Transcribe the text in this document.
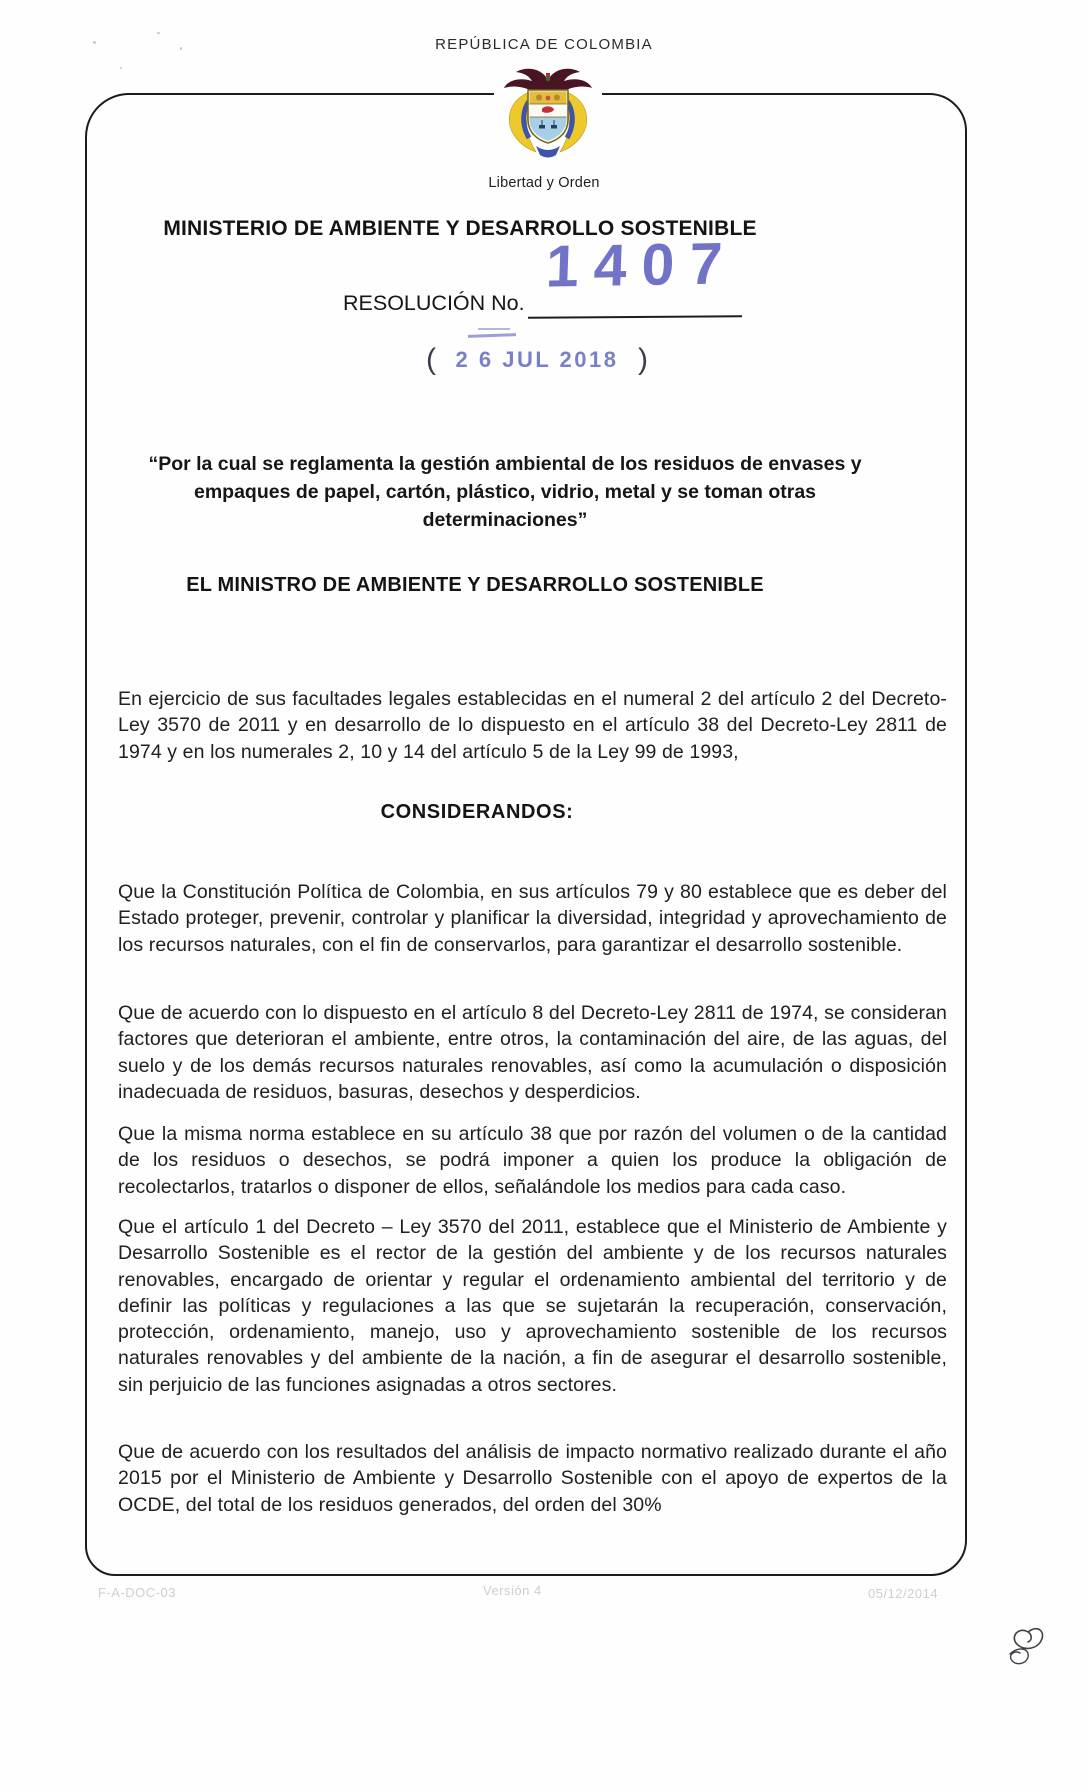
REPÚBLICA DE COLOMBIA
Libertad y Orden
MINISTERIO DE AMBIENTE Y DESARROLLO SOSTENIBLE
RESOLUCIÓN No.
1407
( 2 6 JUL 2018 )
“Por la cual se reglamenta la gestión ambiental de los residuos de envases y empaques de papel, cartón, plástico, vidrio, metal y se toman otras determinaciones”
EL MINISTRO DE AMBIENTE Y DESARROLLO SOSTENIBLE

En ejercicio de sus facultades legales establecidas en el numeral 2 del artículo 2 del Decreto-Ley 3570 de 2011 y en desarrollo de lo dispuesto en el artículo 38 del Decreto-Ley 2811 de 1974 y en los numerales 2, 10 y 14 del artículo 5 de la Ley 99 de 1993,

CONSIDERANDOS:

Que la Constitución Política de Colombia, en sus artículos 79 y 80 establece que es deber del Estado proteger, prevenir, controlar y planificar la diversidad, integridad y aprovechamiento de los recursos naturales, con el fin de conservarlos, para garantizar el desarrollo sostenible.

Que de acuerdo con lo dispuesto en el artículo 8 del Decreto-Ley 2811 de 1974, se consideran factores que deterioran el ambiente, entre otros, la contaminación del aire, de las aguas, del suelo y de los demás recursos naturales renovables, así como la acumulación o disposición inadecuada de residuos, basuras, desechos y desperdicios.

Que la misma norma establece en su artículo 38 que por razón del volumen o de la cantidad de los residuos o desechos, se podrá imponer a quien los produce la obligación de recolectarlos, tratarlos o disponer de ellos, señalándole los medios para cada caso.

Que el artículo 1 del Decreto – Ley 3570 del 2011, establece que el Ministerio de Ambiente y Desarrollo Sostenible es el rector de la gestión del ambiente y de los recursos naturales renovables, encargado de orientar y regular el ordenamiento ambiental del territorio y de definir las políticas y regulaciones a las que se sujetarán la recuperación, conservación, protección, ordenamiento, manejo, uso y aprovechamiento sostenible de los recursos naturales renovables y del ambiente de la nación, a fin de asegurar el desarrollo sostenible, sin perjuicio de las funciones asignadas a otros sectores.

Que de acuerdo con los resultados del análisis de impacto normativo realizado durante el año 2015 por el Ministerio de Ambiente y Desarrollo Sostenible con el apoyo de expertos de la OCDE, del total de los residuos generados, del orden del 30%

F-A-DOC-03	Versión 4	05/12/2014
